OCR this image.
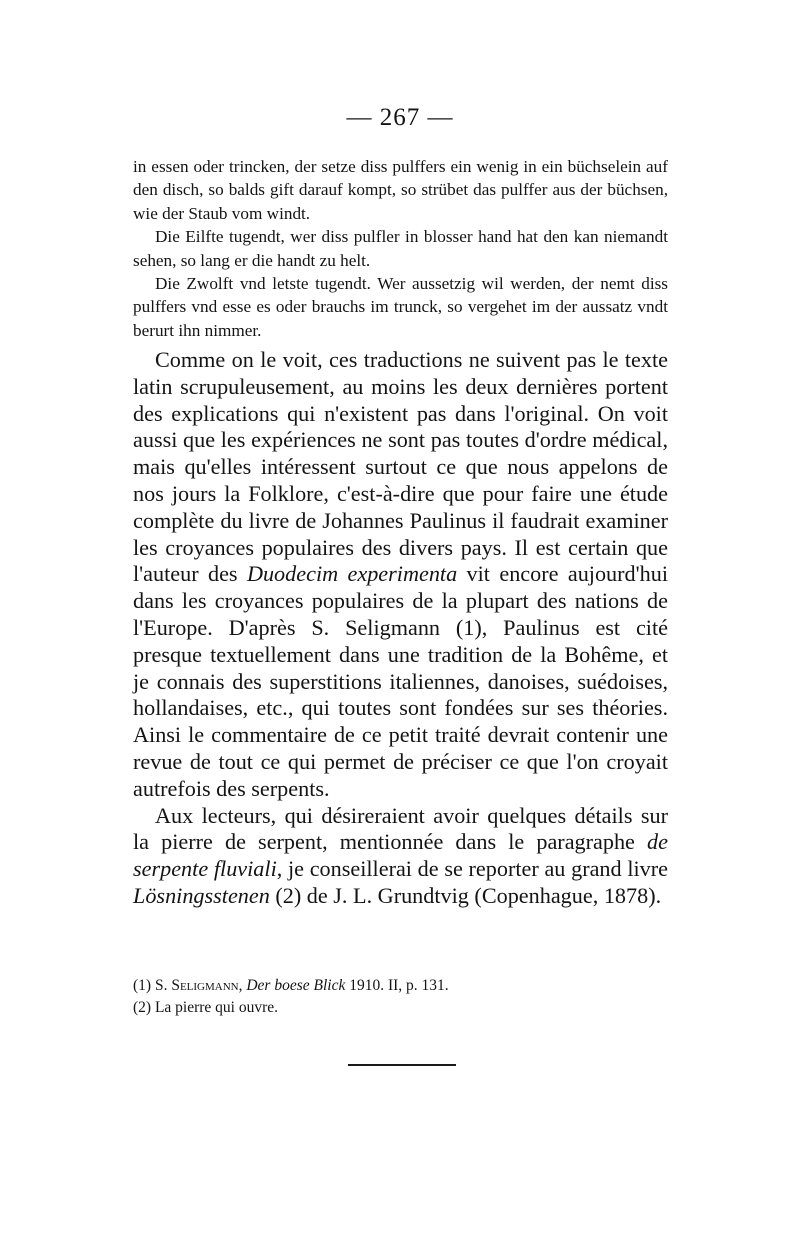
— 267 —

in essen oder trincken, der setze diss pulffers ein wenig in ein büchselein auf den disch, so balds gift darauf kompt, so strübet das pulffer aus der büchsen, wie der Staub vom windt.

Die Eilfte tugendt, wer diss pulfler in blosser hand hat den kan niemandt sehen, so lang er die handt zu helt.

Die Zwolft vnd letste tugendt. Wer aussetzig wil werden, der nemt diss pulffers vnd esse es oder brauchs im trunck, so vergehet im der aussatz vndt berurt ihn nimmer.

Comme on le voit, ces traductions ne suivent pas le texte latin scrupuleusement, au moins les deux dernières portent des explications qui n'existent pas dans l'original. On voit aussi que les expériences ne sont pas toutes d'ordre médical, mais qu'elles intéressent surtout ce que nous appelons de nos jours la Folklore, c'est-à-dire que pour faire une étude complète du livre de Johannes Paulinus il faudrait examiner les croyances populaires des divers pays. Il est certain que l'auteur des Duodecim experimenta vit encore aujourd'hui dans les croyances populaires de la plupart des nations de l'Europe. D'après S. Seligmann (1), Paulinus est cité presque textuellement dans une tradition de la Bohême, et je connais des superstitions italiennes, danoises, suédoises, hollandaises, etc., qui toutes sont fondées sur ses théories. Ainsi le commentaire de ce petit traité devrait contenir une revue de tout ce qui permet de préciser ce que l'on croyait autrefois des serpents.

Aux lecteurs, qui désireraient avoir quelques détails sur la pierre de serpent, mentionnée dans le paragraphe de serpente fluviali, je conseillerai de se reporter au grand livre Lösningsstenen (2) de J. L. Grundtvig (Copenhague, 1878).

(1) S. Seligmann, Der boese Blick 1910. II, p. 131.
(2) La pierre qui ouvre.
